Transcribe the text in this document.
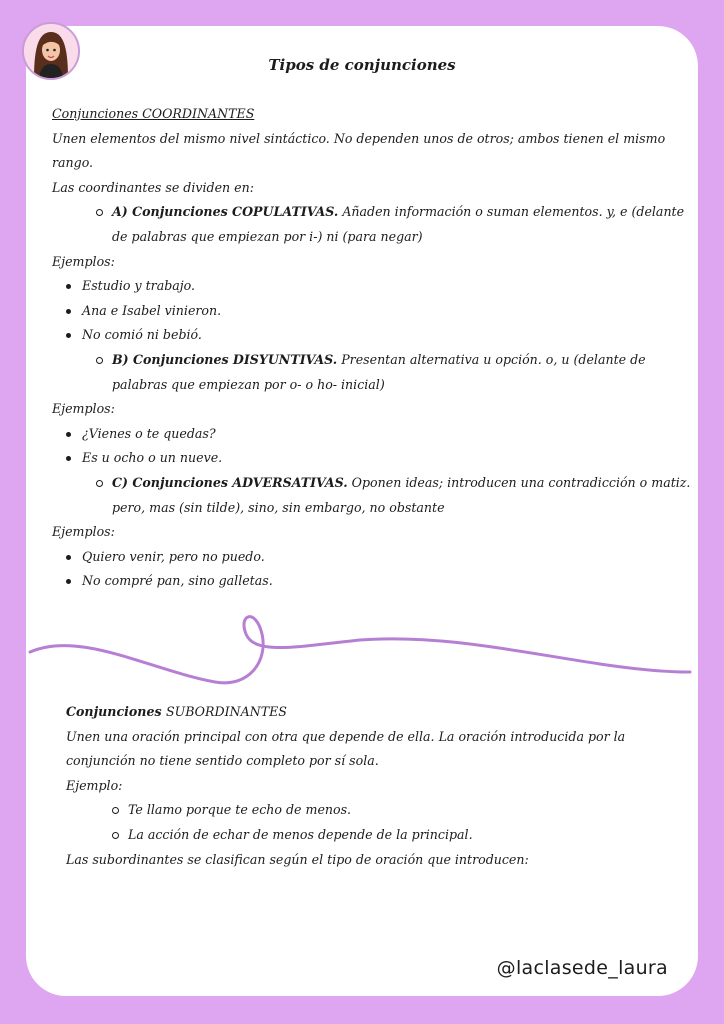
Tipos de conjunciones

Conjunciones COORDINANTES

Unen elementos del mismo nivel sintáctico. No dependen unos de otros; ambos tienen el mismo rango.

Las coordinantes se dividen en:

A) Conjunciones COPULATIVAS. Añaden información o suman elementos. y, e (delante de palabras que empiezan por i-) ni (para negar)

Ejemplos:

Estudio y trabajo.

Ana e Isabel vinieron.

No comió ni bebió.

B) Conjunciones DISYUNTIVAS. Presentan alternativa u opción. o, u (delante de palabras que empiezan por o- o ho- inicial)

Ejemplos:

¿Vienes o te quedas?

Es u ocho o un nueve.

C) Conjunciones ADVERSATIVAS. Oponen ideas; introducen una contradicción o matiz. pero, mas (sin tilde), sino, sin embargo, no obstante

Ejemplos:

Quiero venir, pero no puedo.

No compré pan, sino galletas.

Conjunciones SUBORDINANTES

Unen una oración principal con otra que depende de ella. La oración introducida por la conjunción no tiene sentido completo por sí sola.

Ejemplo:

Te llamo porque te echo de menos.

La acción de echar de menos depende de la principal.

Las subordinantes se clasifican según el tipo de oración que introducen:

@laclasede_laura
